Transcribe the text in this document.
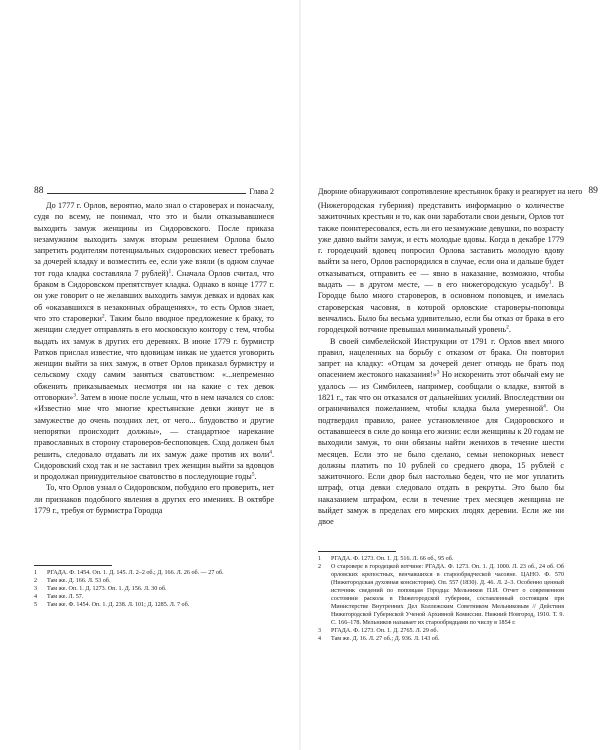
88	Глава 2

До 1777 г. Орлов, вероятно, мало знал о староверах и понасчалу, судя по всему, не понимал, что это и были отказывавшиеся выходить замуж женщины из Сидоровского. После приказа незамужним выходить замуж вторым решением Орлова было запретить родителям потенциальных сидоровских невест требовать за дочерей кладку и возместить ее, если уже взяли (в одном случае тот года кладка составляла 7 рублей)$^1$. Сначала Орлов считал, что браком в Сидоровском препятствует кладка. Однако в конце 1777 г. он уже говорит о не желавших выходить замуж девках и вдовах как об «оказавшихся в незаконных обращениях», то есть Орлов знает, что это староверки$^2$. Таким было вводное предложение к браку, то женщин следует отправлять в его московскую контору с тем, чтобы выдать их замуж в других его деревнях. В июне 1779 г. бурмистр Ратков прислал известие, что вдовицам никак не удается уговорить женщин выйти за них замуж, в ответ Орлов приказал бурмистру и сельскому сходу самим заняться сватовством: «...непременно обженить приказываемых несмотря ни на какие с тех девок отговорки»$^3$. Затем в июне после услыш, что в нем начался со слов: «Известно мне что многие крестьянские девки живут не в замужестве до очень поздних лет, от чего... блудовство и другие непорятки происходит должны», — стандартное нарекание православных в сторону староверов-беспоповцев. Сход должен был решить, следовало отдавать ли их замуж даже против их воли$^4$. Сидоровский сход так и не заставил трех женщин выйти за вдовцов и продолжал принудительное сватовство в последующие годы$^5$.

То, что Орлов узнал о Сидоровском, побудило его проверить, нет ли признаков подобного явления в других его имениях. В октябре 1779 г., требуя от бурмистра Городца

1 РГАДА. Ф. 1454. Оп. 1. Д. 145. Л. 2–2 об.; Д. 166. Л. 26 об. — 27 об.
2 Там же. Д. 166. Л. 53 об.
3 Там же. Оп. 1. Д. 1273. Оп. 1. Д. 156. Л. 30 об.
4 Там же. Л. 57.
5 Там же. Ф. 1454. Оп. 1. Д. 238. Л. 101; Д. 1285. Л. 7 об.
Дворние обнаруживают сопротивление крестьянок браку и реагирует на него 89

(Нижегородская губерния) представить информацию о количестве зажиточных крестьян и то, как они заработали свои деньги, Орлов тот также поинтересовался, есть ли его незамужние девушки, по возрасту уже давно выйти замуж, и есть молодые вдовы. Когда в декабре 1779 г. городецкий вдовец попросил Орлова заставить молодую вдову выйти за него, Орлов распорядился в случае, если она и дальше будет отказываться, отправить ее — явно в наказание, возможно, чтобы выдать — в другом месте, — в его нижегородскую усадьбу$^1$. В Городце было много староверов, в основном поповцев, и имелась староверская часовня, в которой орловские староверы-поповцы венчались. Было бы весьма удивительно, если бы отказ от брака в его городецкой вотчине превышал минимальный уровень$^2$.

В своей симбелейской Инструкции от 1791 г. Орлов ввел много правил, нацеленных на борьбу с отказом от брака. Он повторил запрет на кладку: «Отцам за дочерей денег отнюдь не брать под опасением жестокого наказания!»$^3$ Но искоренить этот обычай ему не удалось — из Симбилеев, например, сообщали о кладке, взятой в 1821 г., так что он отказался от дальнейших усилий. Впоследствии он ограничивался пожеланием, чтобы кладка была умеренной$^4$. Он подтвердил правило, ранее установленное для Сидоровского и остававшееся в силе до конца его жизни: если женщины к 20 годам не выходили замуж, то они обязаны найти женихов в течение шести месяцев. Если это не было сделано, семьи непокорных невест должны платить по 10 рублей со среднего двора, 15 рублей с зажиточного. Если двор был настолько беден, что не мог уплатить штраф, отца девки следовало отдать в рекруты. Это было бы наказанием штрафом, если в течение трех месяцев женщина не выйдет замуж в пределах его мирских людях деревни. Если же ни двое

1 РГАДА. Ф. 1273. Оп. 1. Д. 516. Л. 66 об., 95 об.
2 О старовере в городецкой вотчине: РГАДА. Ф. 1273. Оп. 1. Д. 1000. Л. 23 об., 24 об. Об орловских крепостных, венчавшихся в старообрядческой часовне. ЦАНО. Ф. 570 (Нижегородская духовная консистория). Оп. 557 (1830). Д. 46. Л. 2–3. Особенно ценный источник сведений по поповцам Городца: Мельников П.И. Отчет о современном состоянии раскола в Нижегородской губернии, составленный состоящим при Министерстве Внутренних Дел Коллежским Советником Мельниковым // Действия Нижегородской Губернской Ученой Архивной Комиссии. Нижний Новгород, 1910. Т. 9. С. 166–178. Мельников называет их старообрядцами по числу в 1854 г.
3 РГАДА. Ф. 1273. Оп. 1. Д. 2765. Л. 29 об.
4 Там же. Д. 16. Л. 27 об.; Д. 936. Л. 143 об.
